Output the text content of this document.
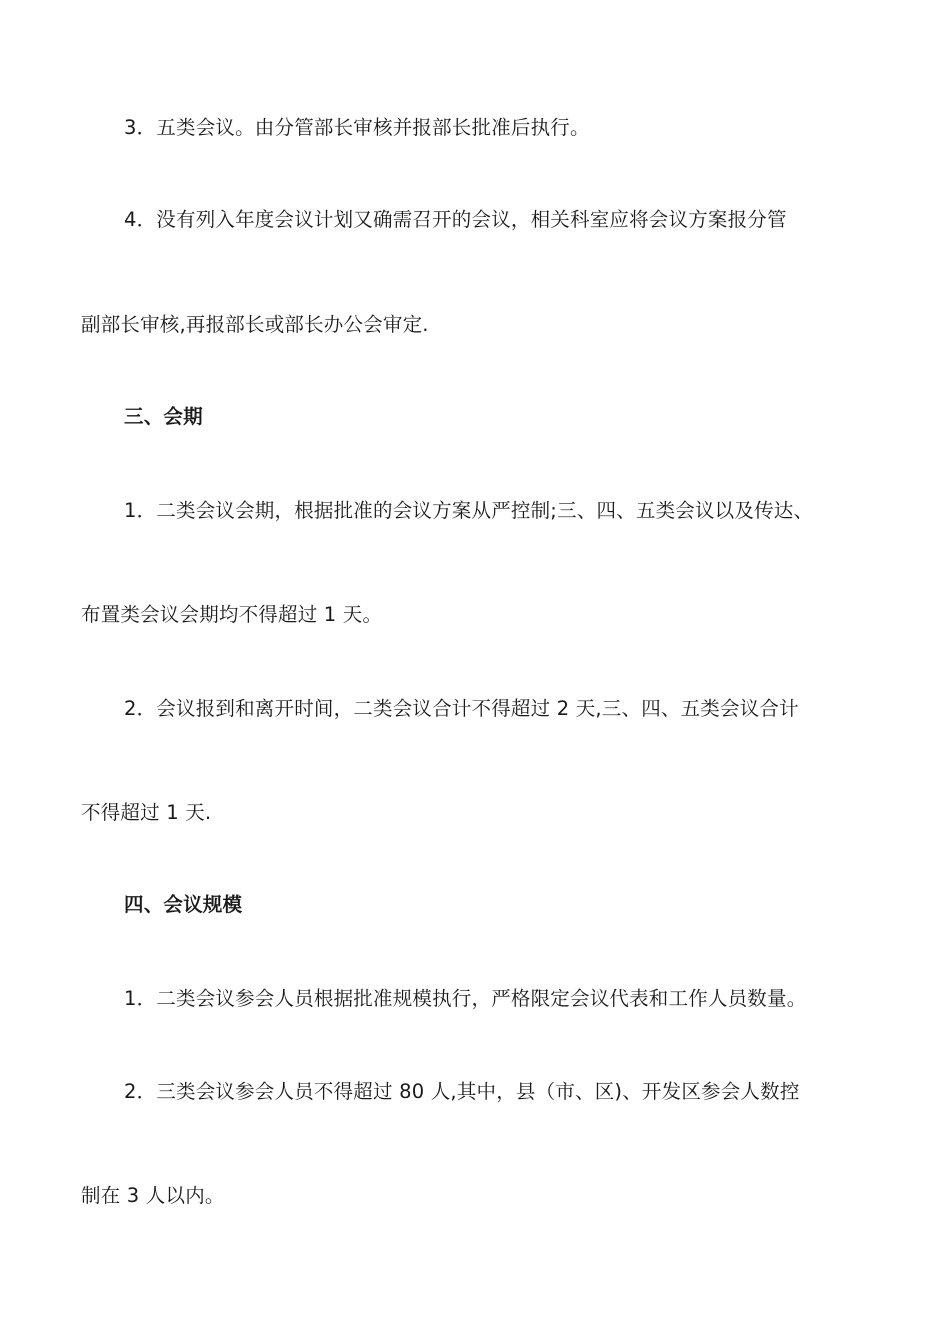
3．五类会议。由分管部长审核并报部长批准后执行。
4．没有列入年度会议计划又确需召开的会议，相关科室应将会议方案报分管
副部长审核,再报部长或部长办公会审定.
三、会期
1．二类会议会期，根据批准的会议方案从严控制;三、四、五类会议以及传达、
布置类会议会期均不得超过 1 天。
2．会议报到和离开时间，二类会议合计不得超过 2 天,三、四、五类会议合计
不得超过 1 天.
四、会议规模
1．二类会议参会人员根据批准规模执行，严格限定会议代表和工作人员数量。
2．三类会议参会人员不得超过 80 人,其中，县（市、区)、开发区参会人数控
制在 3 人以内。
